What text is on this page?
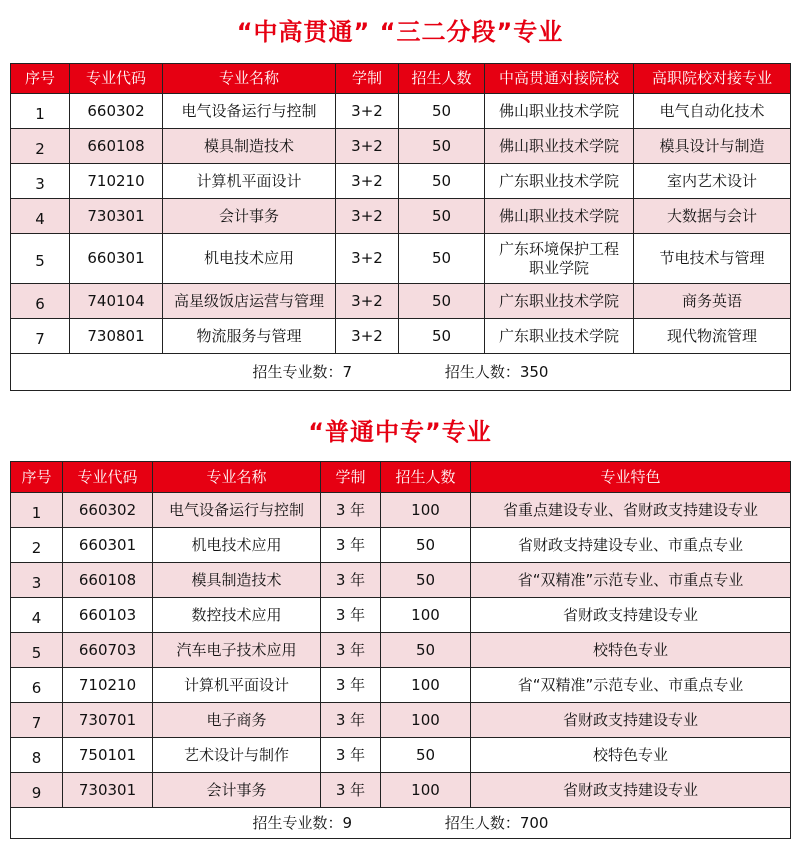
“中高贯通” “三二分段”专业
序号	专业代码	专业名称	学制	招生人数	中高贯通对接院校	高职院校对接专业
1	660302	电气设备运行与控制	3+2	50	佛山职业技术学院	电气自动化技术
2	660108	模具制造技术	3+2	50	佛山职业技术学院	模具设计与制造
3	710210	计算机平面设计	3+2	50	广东职业技术学院	室内艺术设计
4	730301	会计事务	3+2	50	佛山职业技术学院	大数据与会计
5	660301	机电技术应用	3+2	50	广东环境保护工程职业学院	节电技术与管理
6	740104	高星级饭店运营与管理	3+2	50	广东职业技术学院	商务英语
7	730801	物流服务与管理	3+2	50	广东职业技术学院	现代物流管理
招生专业数：7 招生人数：350						
“普通中专”专业
序号	专业代码	专业名称	学制	招生人数	专业特色
1	660302	电气设备运行与控制	3 年	100	省重点建设专业、省财政支持建设专业
2	660301	机电技术应用	3 年	50	省财政支持建设专业、市重点专业
3	660108	模具制造技术	3 年	50	省“双精准”示范专业、市重点专业
4	660103	数控技术应用	3 年	100	省财政支持建设专业
5	660703	汽车电子技术应用	3 年	50	校特色专业
6	710210	计算机平面设计	3 年	100	省“双精准”示范专业、市重点专业
7	730701	电子商务	3 年	100	省财政支持建设专业
8	750101	艺术设计与制作	3 年	50	校特色专业
9	730301	会计事务	3 年	100	省财政支持建设专业
招生专业数：9 招生人数：700					
